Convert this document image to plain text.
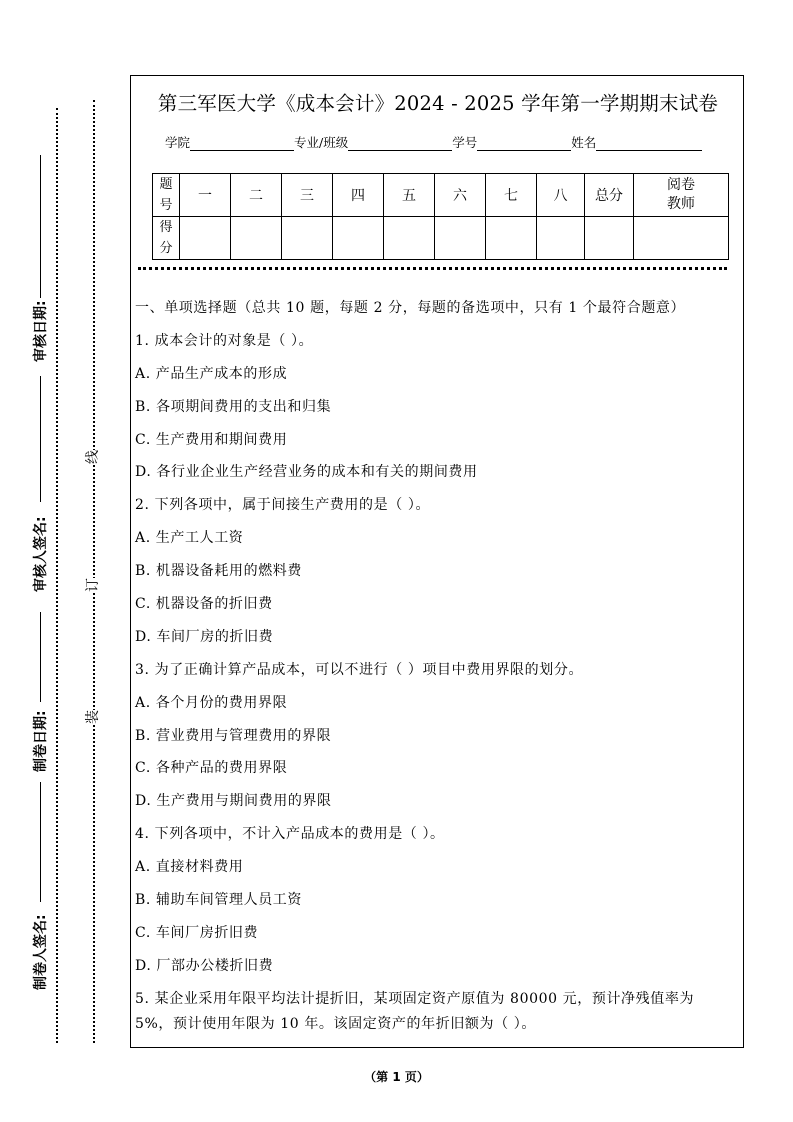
审核日期:
审核人签名:
制卷日期:
制卷人签名:
线
订
装
第三军医大学《成本会计》2024 - 2025 学年第一学期期末试卷
学院	专业/班级	学号	姓名
题
号	一	二	三	四	五	六	七	八	总分	阅卷
教师
得
分										
一、单项选择题（总共 10 题，每题 2 分，每题的备选项中，只有 1 个最符合题意）
1. 成本会计的对象是（ ）。
A. 产品生产成本的形成
B. 各项期间费用的支出和归集
C. 生产费用和期间费用
D. 各行业企业生产经营业务的成本和有关的期间费用
2. 下列各项中，属于间接生产费用的是（ ）。
A. 生产工人工资
B. 机器设备耗用的燃料费
C. 机器设备的折旧费
D. 车间厂房的折旧费
3. 为了正确计算产品成本，可以不进行（ ）项目中费用界限的划分。
A. 各个月份的费用界限
B. 营业费用与管理费用的界限
C. 各种产品的费用界限
D. 生产费用与期间费用的界限
4. 下列各项中，不计入产品成本的费用是（ ）。
A. 直接材料费用
B. 辅助车间管理人员工资
C. 车间厂房折旧费
D. 厂部办公楼折旧费
5. 某企业采用年限平均法计提折旧，某项固定资产原值为 80000 元，预计净残值率为
5%，预计使用年限为 10 年。该固定资产的年折旧额为（ ）。
（第 1 页）
